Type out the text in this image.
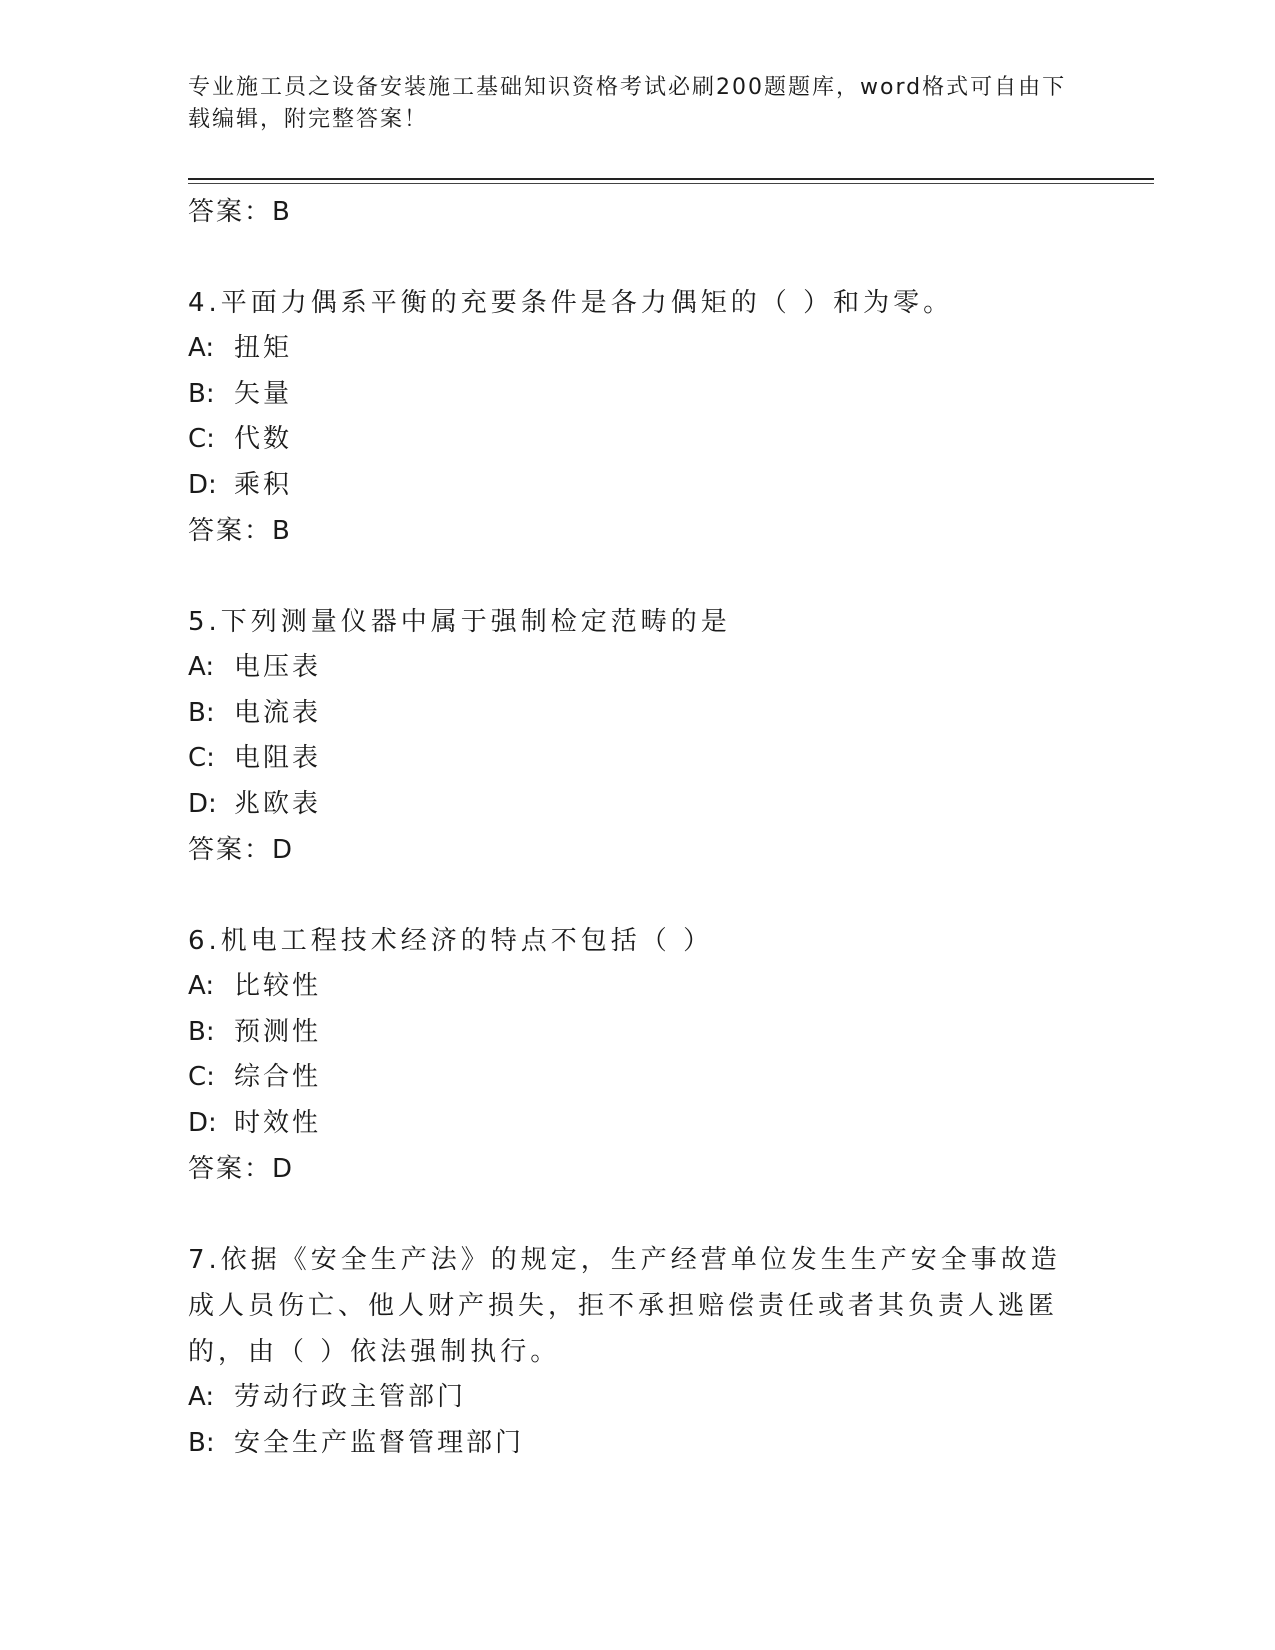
专业施工员之设备安装施工基础知识资格考试必刷200题题库，word格式可自由下载编辑，附完整答案！

答案：B

4.平面力偶系平衡的充要条件是各力偶矩的（ ）和为零。

A: 扭矩

B: 矢量

C: 代数

D: 乘积

答案：B

5.下列测量仪器中属于强制检定范畴的是

A: 电压表

B: 电流表

C: 电阻表

D: 兆欧表

答案：D

6.机电工程技术经济的特点不包括（ ）

A: 比较性

B: 预测性

C: 综合性

D: 时效性

答案：D

7.依据《安全生产法》的规定，生产经营单位发生生产安全事故造成人员伤亡、他人财产损失，拒不承担赔偿责任或者其负责人逃匿的，由（ ）依法强制执行。

A: 劳动行政主管部门

B: 安全生产监督管理部门
